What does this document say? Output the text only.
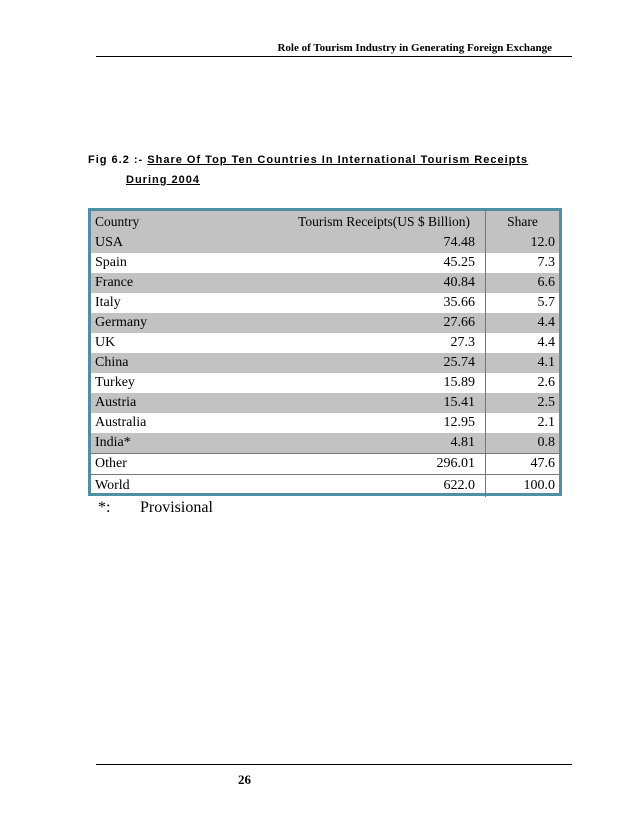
Role of Tourism Industry in Generating Foreign Exchange
Fig 6.2 :- Share Of Top Ten Countries In International Tourism Receipts
During 2004
Country	Tourism Receipts(US $ Billion)	Share
USA	74.48	12.0
Spain	45.25	7.3
France	40.84	6.6
Italy	35.66	5.7
Germany	27.66	4.4
UK	27.3	4.4
China	25.74	4.1
Turkey	15.89	2.6
Austria	15.41	2.5
Australia	12.95	2.1
India*	4.81	0.8
Other	296.01	47.6
World	622.0	100.0
*: Provisional
26
